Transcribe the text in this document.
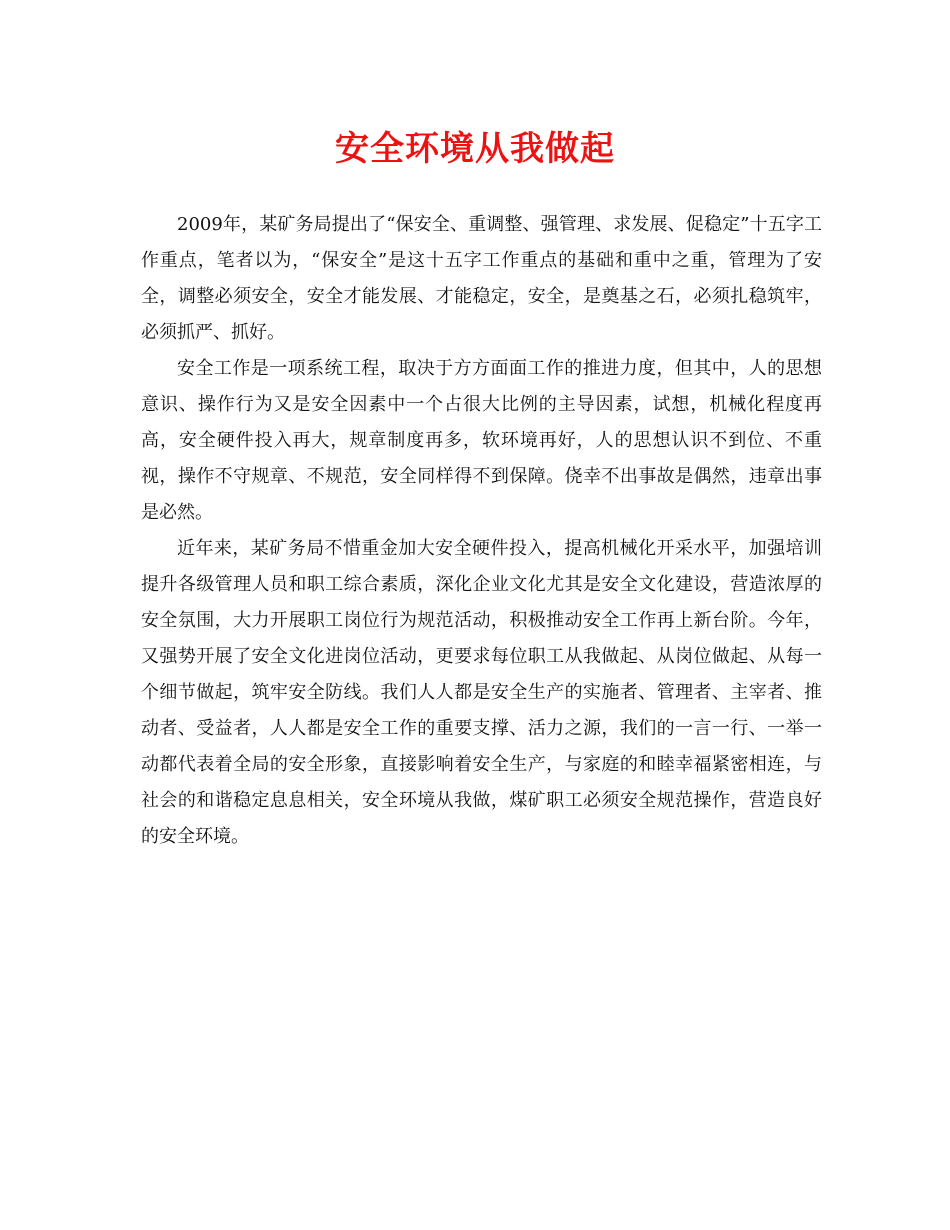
安全环境从我做起

2009年，某矿务局提出了“保安全、重调整、强管理、求发展、促稳定”十五字工作重点，笔者以为，“保安全”是这十五字工作重点的基础和重中之重，管理为了安全，调整必须安全，安全才能发展、才能稳定，安全，是奠基之石，必须扎稳筑牢，必须抓严、抓好。

安全工作是一项系统工程，取决于方方面面工作的推进力度，但其中，人的思想意识、操作行为又是安全因素中一个占很大比例的主导因素，试想，机械化程度再高，安全硬件投入再大，规章制度再多，软环境再好，人的思想认识不到位、不重视，操作不守规章、不规范，安全同样得不到保障。侥幸不出事故是偶然，违章出事是必然。

近年来，某矿务局不惜重金加大安全硬件投入，提高机械化开采水平，加强培训提升各级管理人员和职工综合素质，深化企业文化尤其是安全文化建设，营造浓厚的安全氛围，大力开展职工岗位行为规范活动，积极推动安全工作再上新台阶。今年，又强势开展了安全文化进岗位活动，更要求每位职工从我做起、从岗位做起、从每一个细节做起，筑牢安全防线。我们人人都是安全生产的实施者、管理者、主宰者、推动者、受益者，人人都是安全工作的重要支撑、活力之源，我们的一言一行、一举一动都代表着全局的安全形象，直接影响着安全生产，与家庭的和睦幸福紧密相连，与社会的和谐稳定息息相关，安全环境从我做，煤矿职工必须安全规范操作，营造良好的安全环境。
